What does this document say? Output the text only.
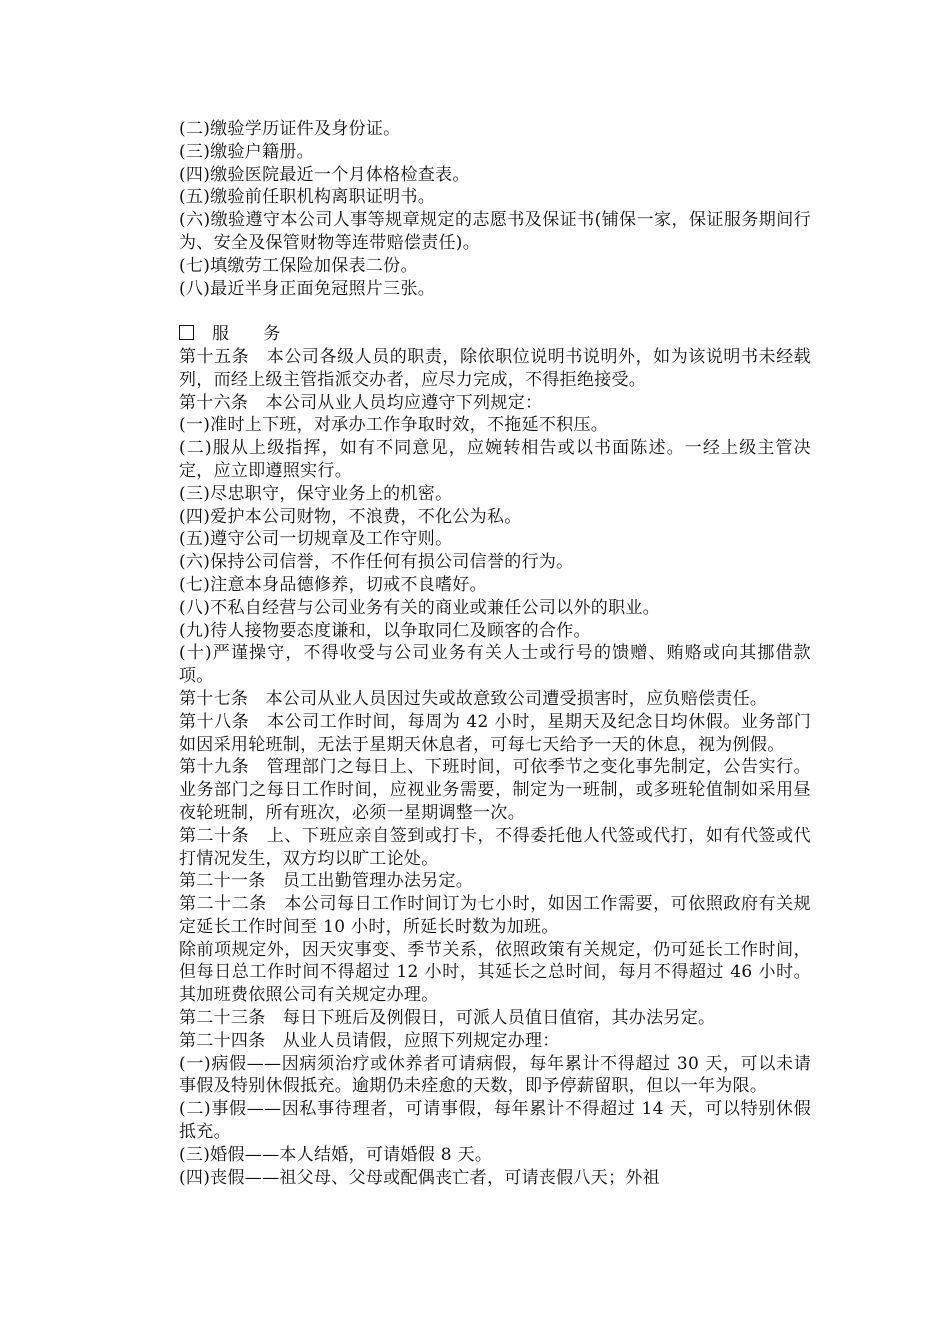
(二)缴验学历证件及身份证。

(三)缴验户籍册。

(四)缴验医院最近一个月体格检查表。

(五)缴验前任职机构离职证明书。

(六)缴验遵守本公司人事等规章规定的志愿书及保证书(铺保一家，保证服务期间行为、安全及保管财物等连带赔偿责任)。

(七)填缴劳工保险加保表二份。

(八)最近半身正面免冠照片三张。

服 务

第十五条　本公司各级人员的职责，除依职位说明书说明外，如为该说明书未经载列，而经上级主管指派交办者，应尽力完成，不得拒绝接受。

第十六条　本公司从业人员均应遵守下列规定：

(一)准时上下班，对承办工作争取时效，不拖延不积压。

(二)服从上级指挥，如有不同意见，应婉转相告或以书面陈述。一经上级主管决定，应立即遵照实行。

(三)尽忠职守，保守业务上的机密。

(四)爱护本公司财物，不浪费，不化公为私。

(五)遵守公司一切规章及工作守则。

(六)保持公司信誉，不作任何有损公司信誉的行为。

(七)注意本身品德修养，切戒不良嗜好。

(八)不私自经营与公司业务有关的商业或兼任公司以外的职业。

(九)待人接物要态度谦和，以争取同仁及顾客的合作。

(十)严谨操守，不得收受与公司业务有关人士或行号的馈赠、贿赂或向其挪借款项。

第十七条　本公司从业人员因过失或故意致公司遭受损害时，应负赔偿责任。

第十八条　本公司工作时间，每周为 42 小时，星期天及纪念日均休假。业务部门如因采用轮班制，无法于星期天休息者，可每七天给予一天的休息，视为例假。

第十九条　管理部门之每日上、下班时间，可依季节之变化事先制定，公告实行。业务部门之每日工作时间，应视业务需要，制定为一班制，或多班轮值制如采用昼夜轮班制，所有班次，必须一星期调整一次。

第二十条　上、下班应亲自签到或打卡，不得委托他人代签或代打，如有代签或代打情况发生，双方均以旷工论处。

第二十一条　员工出勤管理办法另定。

第二十二条　本公司每日工作时间订为七小时，如因工作需要，可依照政府有关规定延长工作时间至 10 小时，所延长时数为加班。

除前项规定外，因天灾事变、季节关系，依照政策有关规定，仍可延长工作时间，但每日总工作时间不得超过 12 小时，其延长之总时间，每月不得超过 46 小时。其加班费依照公司有关规定办理。

第二十三条　每日下班后及例假日，可派人员值日值宿，其办法另定。

第二十四条　从业人员请假，应照下列规定办理：

(一)病假——因病须治疗或休养者可请病假，每年累计不得超过 30 天，可以未请事假及特别休假抵充。逾期仍未痊愈的天数，即予停薪留职，但以一年为限。

(二)事假——因私事待理者，可请事假，每年累计不得超过 14 天，可以特别休假抵充。

(三)婚假——本人结婚，可请婚假 8 天。

(四)丧假——祖父母、父母或配偶丧亡者，可请丧假八天；外祖
